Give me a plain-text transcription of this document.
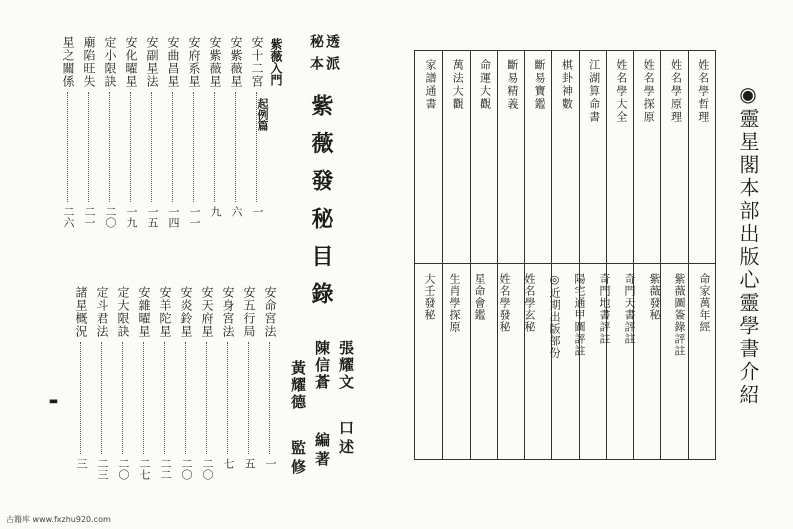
透
派
秘
本
紫 薇 發 秘 目 錄
張耀文
陳信蒼
黃耀德
口述
編著
監修
紫薇入門
起例篇
安十二宮
一
安紫薇星
六
安紫薇星
九
安府系星
一一
安曲昌星
一四
安副星法
一五
安化曜星
一九
定小限訣
二〇
廟陷旺失
二一
星之關係
二六
安命宮法
一
安五行局
五
安身宮法
七
安天府星
二〇
安炎鈴星
二〇
安羊陀星
二二
安雜曜星
二七
定大限訣
二〇
定斗君法
二三
諸星概況
三
▬
古籍库 www.fxzhu920.com
◉
靈星閣本部出版心靈學書介紹
姓名學哲理
姓名學原理
姓名學探原
姓名學大全
江湖算命書
棋卦神數
斷易寶鑑
斷易精義
命運大觀
萬法大觀
家譜通書
命家萬年經
紫薇圖簽錄評註
紫薇發秘
奇門天書評註
奇門地書評註
陽宅通甲圖評註
◎近期出版部份
姓名學玄秘
姓名學發秘
星命會鑑
生肖學探原
大壬發秘
